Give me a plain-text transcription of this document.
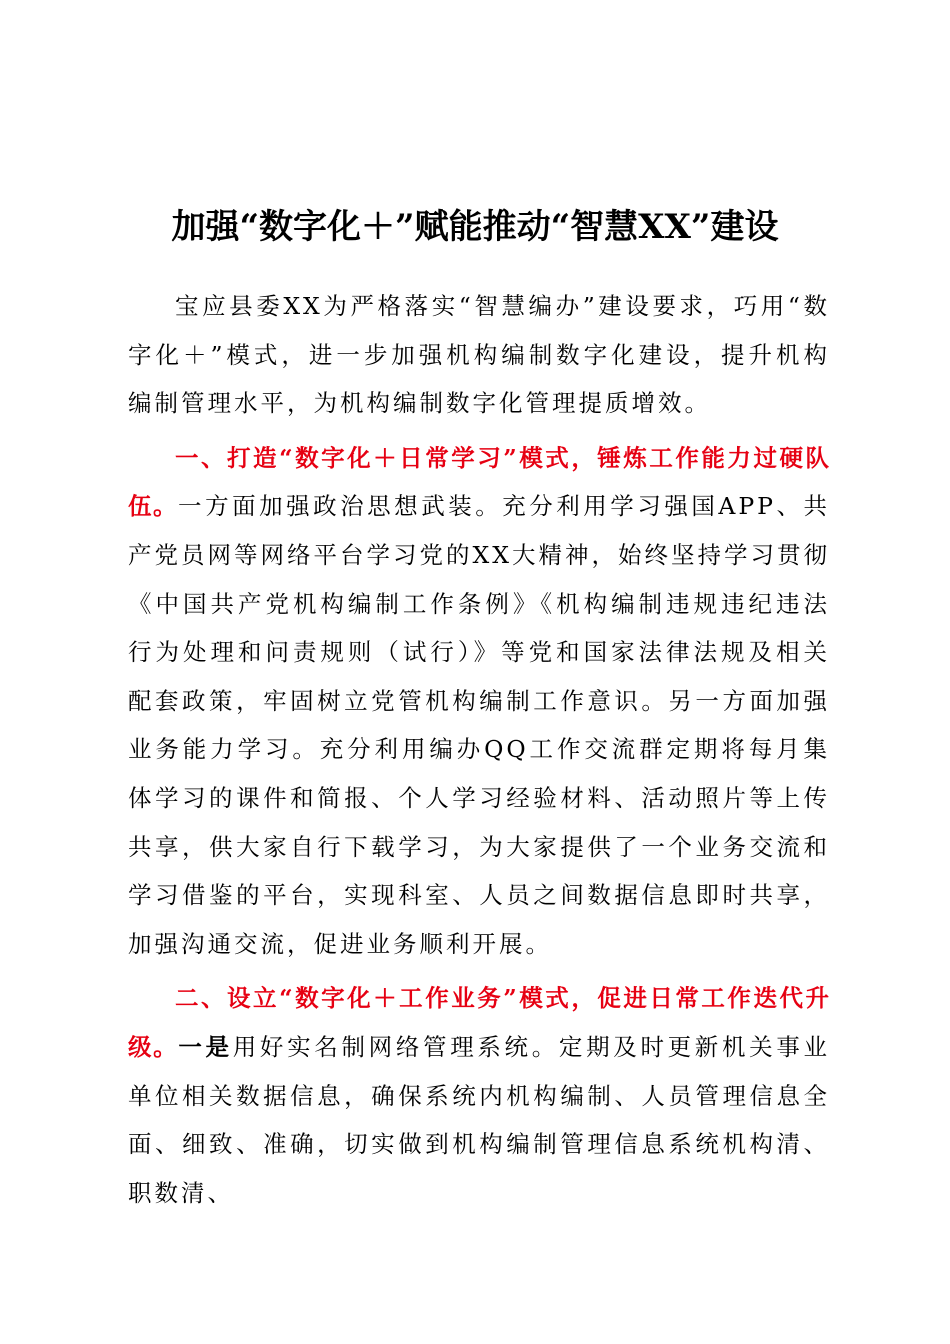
加强“数字化＋”赋能推动“智慧XX”建设

宝应县委XX为严格落实“智慧编办”建设要求，巧用“数字化＋”模式，进一步加强机构编制数字化建设，提升机构编制管理水平，为机构编制数字化管理提质增效。

一、打造“数字化＋日常学习”模式，锤炼工作能力过硬队伍。一方面加强政治思想武装。充分利用学习强国APP、共产党员网等网络平台学习党的XX大精神，始终坚持学习贯彻《中国共产党机构编制工作条例》《机构编制违规违纪违法行为处理和问责规则（试行）》等党和国家法律法规及相关配套政策，牢固树立党管机构编制工作意识。另一方面加强业务能力学习。充分利用编办QQ工作交流群定期将每月集体学习的课件和简报、个人学习经验材料、活动照片等上传共享，供大家自行下载学习，为大家提供了一个业务交流和学习借鉴的平台，实现科室、人员之间数据信息即时共享，加强沟通交流，促进业务顺利开展。

二、设立“数字化＋工作业务”模式，促进日常工作迭代升级。一是用好实名制网络管理系统。定期及时更新机关事业单位相关数据信息，确保系统内机构编制、人员管理信息全面、细致、准确，切实做到机构编制管理信息系统机构清、职数清、
